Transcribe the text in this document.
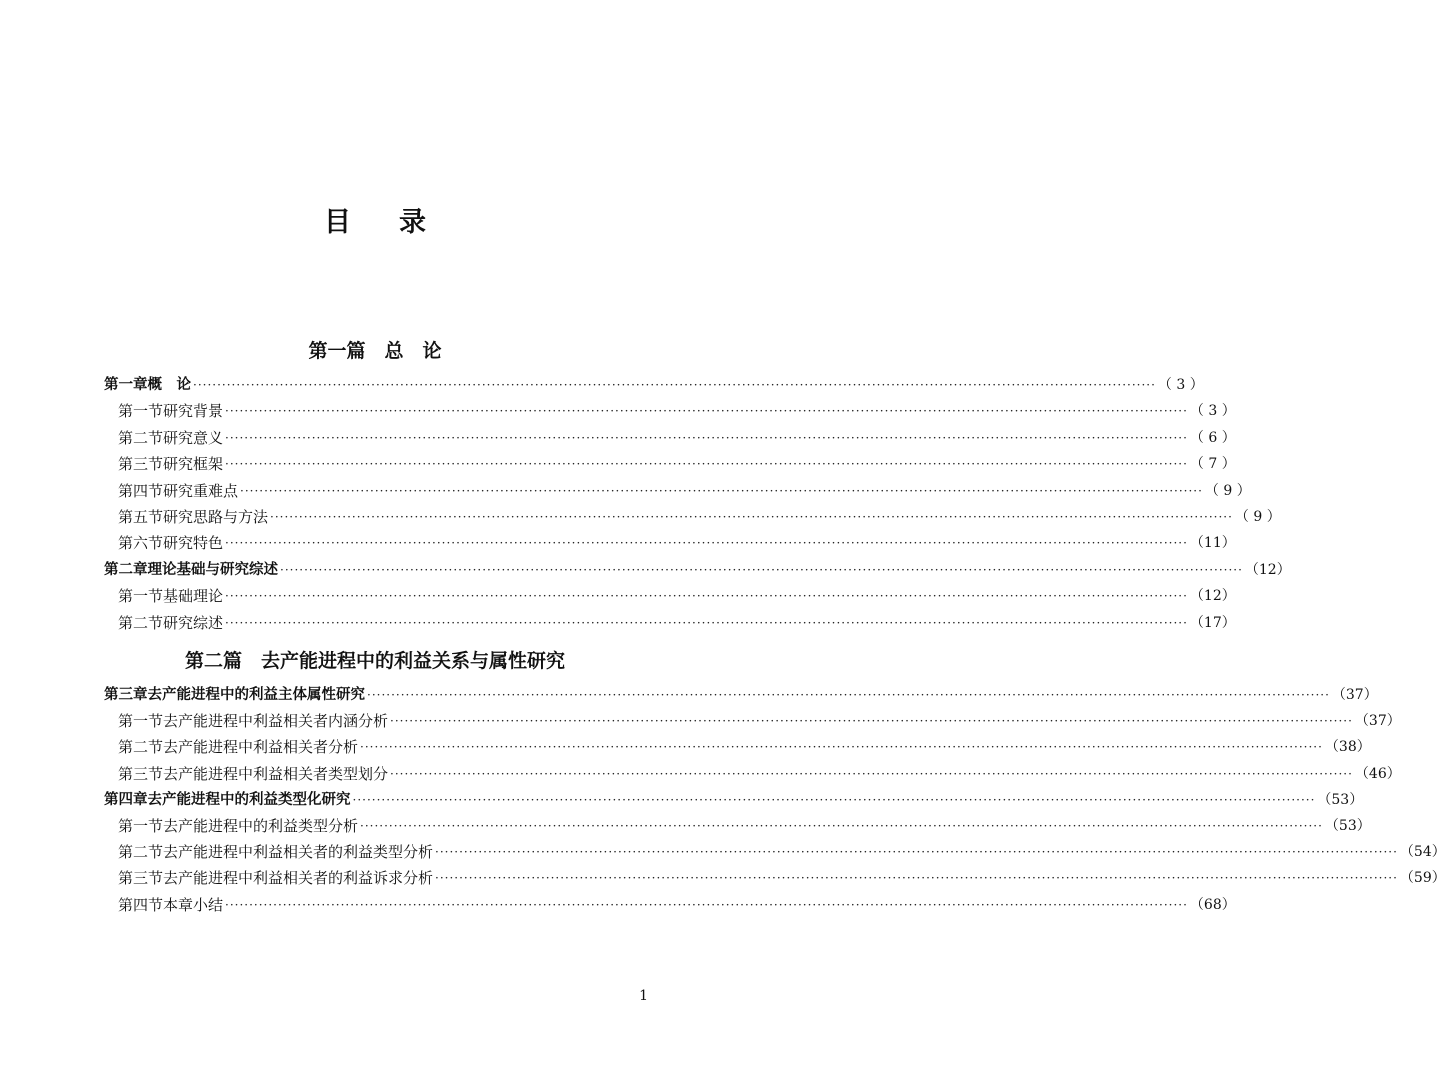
目 录
第一篇　总　论
第二篇　去产能进程中的利益关系与属性研究
第一章 概　论 ········································································································································································································ （ 3 ）
第一节 研究背景 ········································································································································································································ （ 3 ）
第二节 研究意义 ········································································································································································································ （ 6 ）
第三节 研究框架 ········································································································································································································ （ 7 ）
第四节 研究重难点 ········································································································································································································ （ 9 ）
第五节 研究思路与方法 ········································································································································································································ （ 9 ）
第六节 研究特色 ········································································································································································································ （11）
第二章 理论基础与研究综述 ········································································································································································································ （12）
第一节 基础理论 ········································································································································································································ （12）
第二节 研究综述 ········································································································································································································ （17）
第三章 去产能进程中的利益主体属性研究 ········································································································································································································ （37）
第一节 去产能进程中利益相关者内涵分析 ········································································································································································································ （37）
第二节 去产能进程中利益相关者分析 ········································································································································································································ （38）
第三节 去产能进程中利益相关者类型划分 ········································································································································································································ （46）
第四章 去产能进程中的利益类型化研究 ········································································································································································································ （53）
第一节 去产能进程中的利益类型分析 ········································································································································································································ （53）
第二节 去产能进程中利益相关者的利益类型分析 ········································································································································································································ （54）
第三节 去产能进程中利益相关者的利益诉求分析 ········································································································································································································ （59）
第四节 本章小结 ········································································································································································································ （68）
1
